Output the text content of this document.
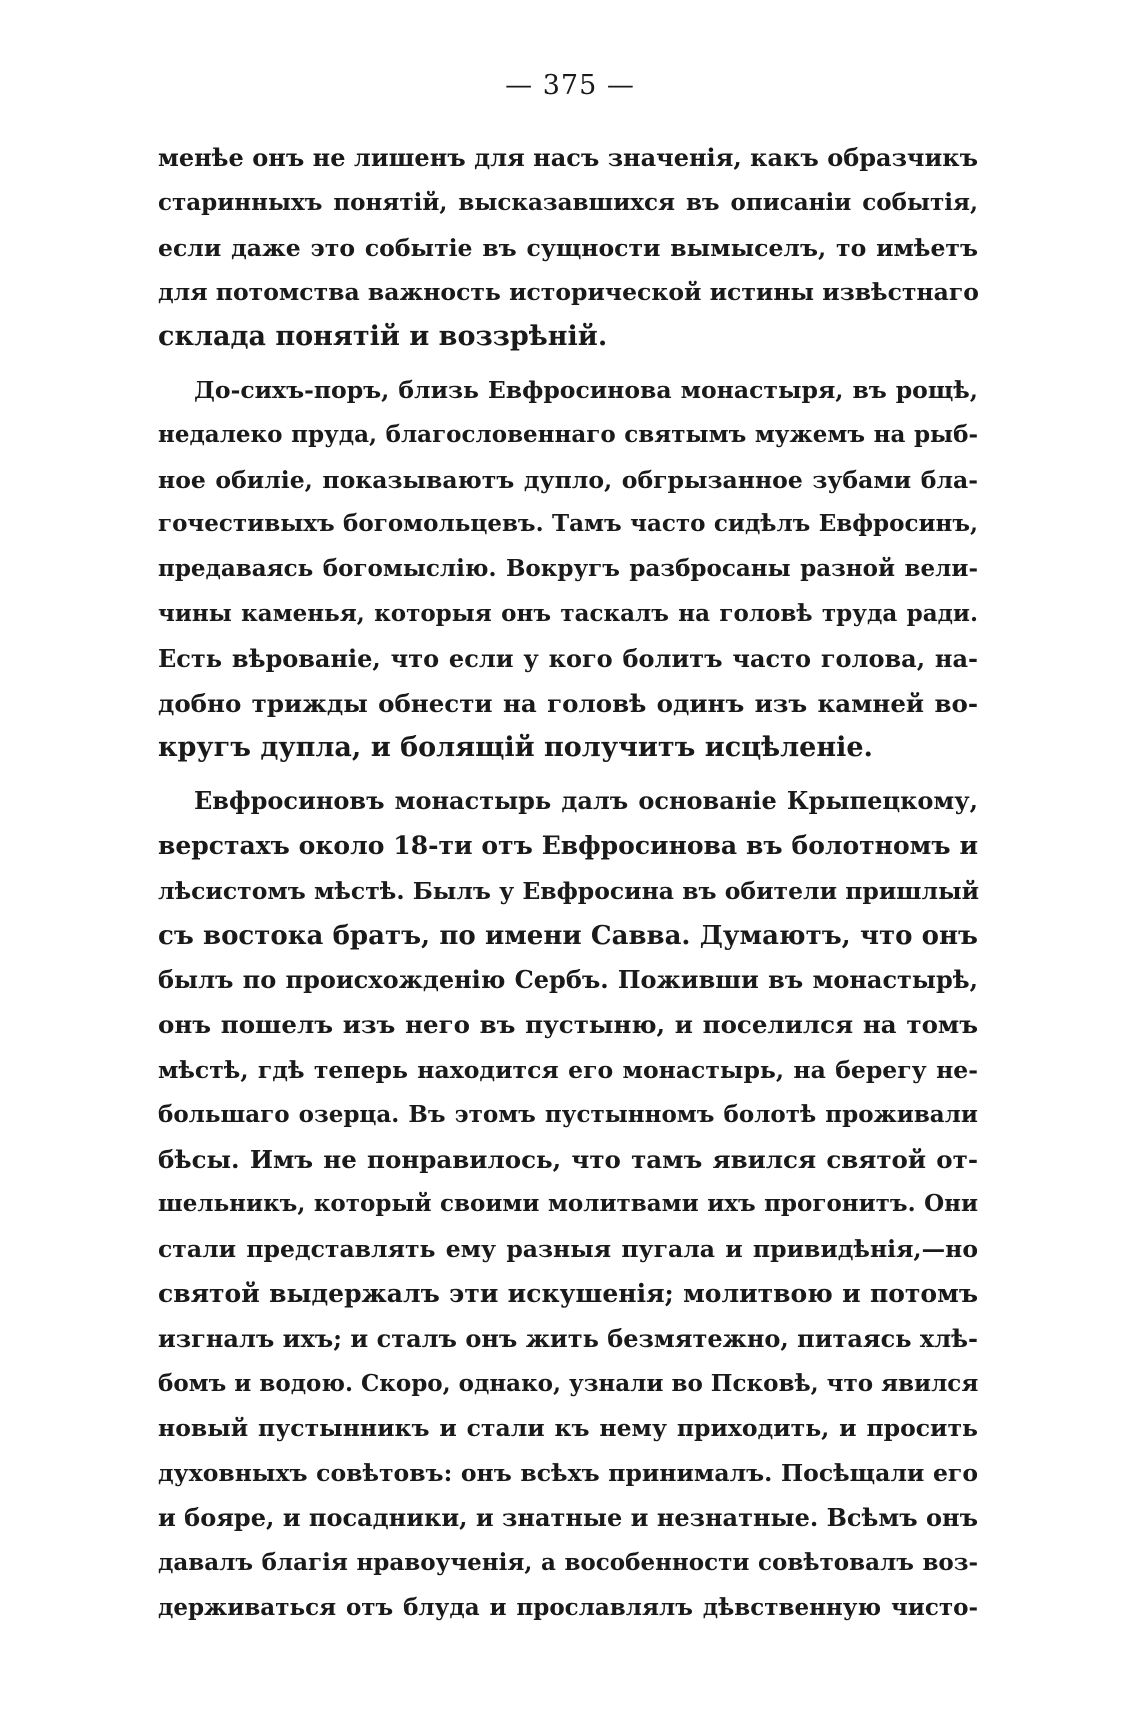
— 375 —
менѣе онъ не лишенъ для насъ значенія, какъ образчикъ
старинныхъ понятій, высказавшихся въ описаніи событія,
если даже это событіе въ сущности вымыселъ, то имѣетъ
для потомства важность исторической истины извѣстнаго
склада понятій и воззрѣній.
До-сихъ-поръ, близь Евфросинова монастыря, въ рощѣ,
недалеко пруда, благословеннаго святымъ мужемъ на рыб-
ное обиліе, показываютъ дупло, обгрызанное зубами бла-
гочестивыхъ богомольцевъ. Тамъ часто сидѣлъ Евфросинъ,
предаваясь богомыслію. Вокругъ разбросаны разной вели-
чины каменья, которыя онъ таскалъ на головѣ труда ради.
Есть вѣрованіе, что если у кого болитъ часто голова, на-
добно трижды обнести на головѣ одинъ изъ камней во-
кругъ дупла, и болящій получитъ исцѣленіе.
Евфросиновъ монастырь далъ основаніе Крыпецкому,
верстахъ около 18-ти отъ Евфросинова въ болотномъ и
лѣсистомъ мѣстѣ. Былъ у Евфросина въ обители пришлый
съ востока братъ, по имени Савва. Думаютъ, что онъ
былъ по происхожденію Сербъ. Поживши въ монастырѣ,
онъ пошелъ изъ него въ пустыню, и поселился на томъ
мѣстѣ, гдѣ теперь находится его монастырь, на берегу не-
большаго озерца. Въ этомъ пустынномъ болотѣ проживали
бѣсы. Имъ не понравилось, что тамъ явился святой от-
шельникъ, который своими молитвами ихъ прогонитъ. Они
стали представлять ему разныя пугала и привидѣнія,—но
святой выдержалъ эти искушенія; молитвою и потомъ
изгналъ ихъ; и сталъ онъ жить безмятежно, питаясь хлѣ-
бомъ и водою. Скоро, однако, узнали во Псковѣ, что явился
новый пустынникъ и стали къ нему приходить, и просить
духовныхъ совѣтовъ: онъ всѣхъ принималъ. Посѣщали его
и бояре, и посадники, и знатные и незнатные. Всѣмъ онъ
давалъ благія нравоученія, а вособенности совѣтовалъ воз-
держиваться отъ блуда и прославлялъ дѣвственную чисто-
